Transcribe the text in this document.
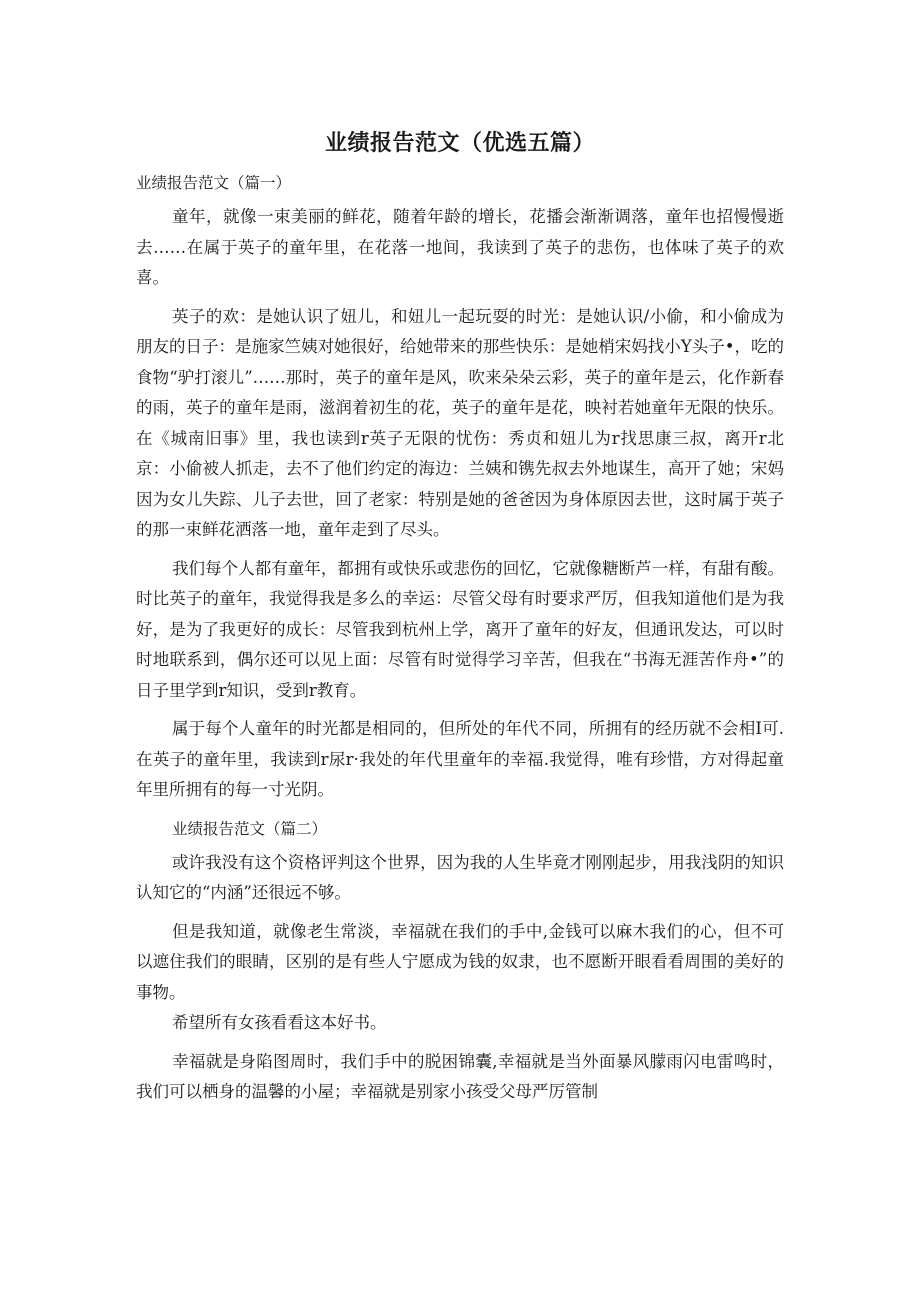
业绩报告范文（优选五篇）
业绩报告范文（篇一）

童年，就像一束美丽的鲜花，随着年龄的增长，花播会渐渐调落，童年也招慢慢逝去……在属于英子的童年里，在花落一地间，我读到了英子的悲伤，也体味了英子的欢喜。

英子的欢：是她认识了妞儿，和妞儿一起玩耍的时光：是她认识/小偷，和小偷成为朋友的日子：是施家竺姨对她很好，给她带来的那些快乐：是她梢宋妈找小Y头子•，吃的食物“驴打滚儿”……那时，英子的童年是风，吹来朵朵云彩，英子的童年是云，化作新春的雨，英子的童年是雨，滋润着初生的花，英子的童年是花，映衬若她童年无限的快乐。在《城南旧事》里，我也读到r英子无限的忧伤：秀贞和妞儿为r找思康三叔，离开r北京：小偷被人抓走，去不了他们约定的海边：兰姨和镌先叔去外地谋生，高开了她；宋妈因为女儿失踪、儿子去世，回了老家：特别是她的爸爸因为身体原因去世，这时属于英子的那一束鲜花洒落一地，童年走到了尽头。

我们每个人都有童年，都拥有或快乐或悲伤的回忆，它就像糖断芦一样，有甜有酸。时比英子的童年，我觉得我是多么的幸运：尽管父母有时要求严厉，但我知道他们是为我好，是为了我更好的成长：尽管我到杭州上学，离开了童年的好友，但通讯发达，可以时时地联系到，偶尔还可以见上面：尽管有时觉得学习辛苦，但我在“书海无涯苦作舟•”的日子里学到r知识，受到r教育。

属于每个人童年的时光都是相同的，但所处的年代不同，所拥有的经历就不会相I可.在英子的童年里，我读到r尿r·我处的年代里童年的幸福.我觉得，唯有珍惜，方对得起童年里所拥有的每一寸光阴。

业绩报告范文（篇二）

或许我没有这个资格评判这个世界，因为我的人生毕竟才刚刚起步，用我浅阴的知识认知它的“内涵”还很远不够。

但是我知道，就像老生常淡，幸福就在我们的手中,金钱可以麻木我们的心，但不可以遮住我们的眼睛，区别的是有些人宁愿成为钱的奴隶，也不愿断开眼看看周围的美好的事物。

希望所有女孩看看这本好书。

幸福就是身陷图周时，我们手中的脱困锦囊,幸福就是当外面暴风朦雨闪电雷鸣时，我们可以栖身的温馨的小屋；幸福就是别家小孩受父母严厉管制
